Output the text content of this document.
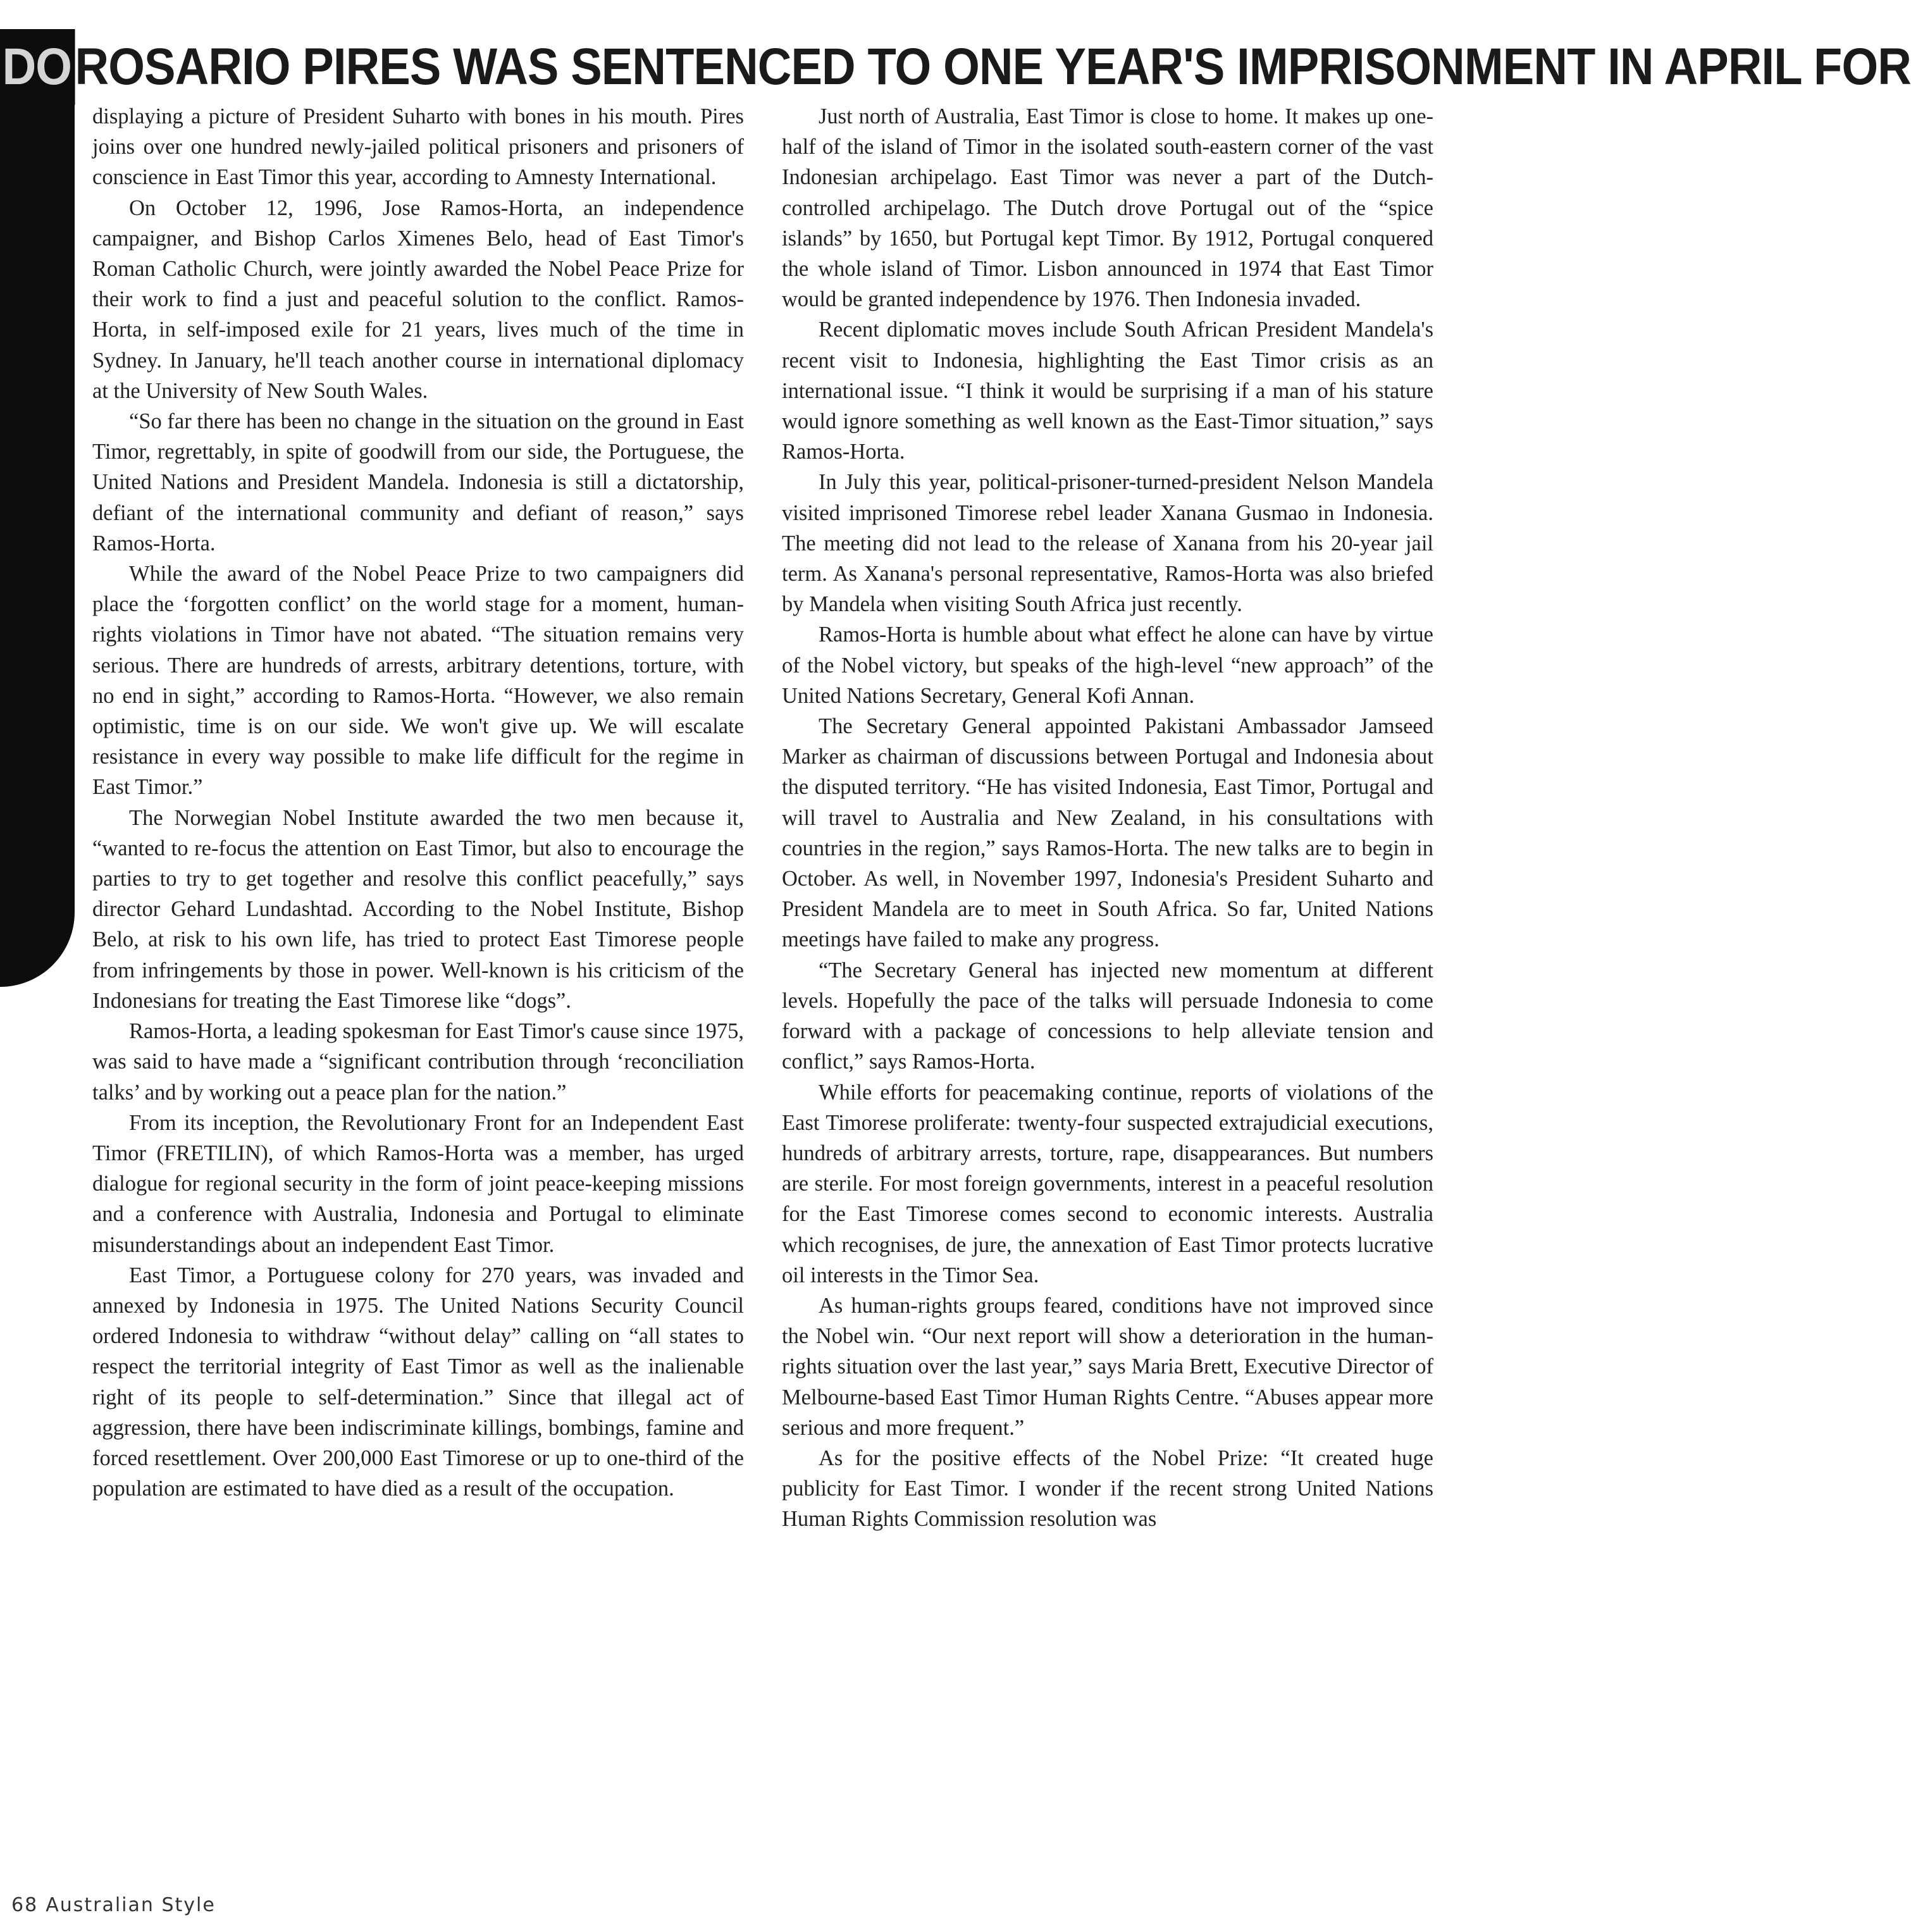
DOROSARIO PIRES WAS SENTENCED TO ONE YEAR'S IMPRISONMENT IN APRIL FOR

displaying a picture of President Suharto with bones in his mouth. Pires joins over one hundred newly-jailed political prisoners and prisoners of conscience in East Timor this year, according to Amnesty International.

On October 12, 1996, Jose Ramos-Horta, an independence campaigner, and Bishop Carlos Ximenes Belo, head of East Timor's Roman Catholic Church, were jointly awarded the Nobel Peace Prize for their work to find a just and peaceful solution to the conflict. Ramos-Horta, in self-imposed exile for 21 years, lives much of the time in Sydney. In January, he'll teach another course in international diplomacy at the University of New South Wales.

“So far there has been no change in the situation on the ground in East Timor, regrettably, in spite of goodwill from our side, the Portuguese, the United Nations and President Mandela. Indonesia is still a dictatorship, defiant of the international community and defiant of reason,” says Ramos-Horta.

While the award of the Nobel Peace Prize to two campaigners did place the ‘forgotten conflict’ on the world stage for a moment, human-rights violations in Timor have not abated. “The situation remains very serious. There are hundreds of arrests, arbitrary detentions, torture, with no end in sight,” according to Ramos-Horta. “However, we also remain optimistic, time is on our side. We won't give up. We will escalate resistance in every way possible to make life difficult for the regime in East Timor.”

The Norwegian Nobel Institute awarded the two men because it, “wanted to re-focus the attention on East Timor, but also to encourage the parties to try to get together and resolve this conflict peacefully,” says director Gehard Lundashtad. According to the Nobel Institute, Bishop Belo, at risk to his own life, has tried to protect East Timorese people from infringements by those in power. Well-known is his criticism of the Indonesians for treating the East Timorese like “dogs”.

Ramos-Horta, a leading spokesman for East Timor's cause since 1975, was said to have made a “significant contribution through ‘reconciliation talks’ and by working out a peace plan for the nation.”

From its inception, the Revolutionary Front for an Independent East Timor (FRETILIN), of which Ramos-Horta was a member, has urged dialogue for regional security in the form of joint peace-keeping missions and a conference with Australia, Indonesia and Portugal to eliminate misunderstandings about an independent East Timor.

East Timor, a Portuguese colony for 270 years, was invaded and annexed by Indonesia in 1975. The United Nations Security Council ordered Indonesia to withdraw “without delay” calling on “all states to respect the territorial integrity of East Timor as well as the inalienable right of its people to self-determination.” Since that illegal act of aggression, there have been indiscriminate killings, bombings, famine and forced resettlement. Over 200,000 East Timorese or up to one-third of the population are estimated to have died as a result of the occupation.

Just north of Australia, East Timor is close to home. It makes up one-half of the island of Timor in the isolated south-eastern corner of the vast Indonesian archipelago. East Timor was never a part of the Dutch-controlled archipelago. The Dutch drove Portugal out of the “spice islands” by 1650, but Portugal kept Timor. By 1912, Portugal conquered the whole island of Timor. Lisbon announced in 1974 that East Timor would be granted independence by 1976. Then Indonesia invaded.

Recent diplomatic moves include South African President Mandela's recent visit to Indonesia, highlighting the East Timor crisis as an international issue. “I think it would be surprising if a man of his stature would ignore something as well known as the East-Timor situation,” says Ramos-Horta.

In July this year, political-prisoner-turned-president Nelson Mandela visited imprisoned Timorese rebel leader Xanana Gusmao in Indonesia. The meeting did not lead to the release of Xanana from his 20-year jail term. As Xanana's personal representative, Ramos-Horta was also briefed by Mandela when visiting South Africa just recently.

Ramos-Horta is humble about what effect he alone can have by virtue of the Nobel victory, but speaks of the high-level “new approach” of the United Nations Secretary, General Kofi Annan.

The Secretary General appointed Pakistani Ambassador Jamseed Marker as chairman of discussions between Portugal and Indonesia about the disputed territory. “He has visited Indonesia, East Timor, Portugal and will travel to Australia and New Zealand, in his consultations with countries in the region,” says Ramos-Horta. The new talks are to begin in October. As well, in November 1997, Indonesia's President Suharto and President Mandela are to meet in South Africa. So far, United Nations meetings have failed to make any progress.

“The Secretary General has injected new momentum at different levels. Hopefully the pace of the talks will persuade Indonesia to come forward with a package of concessions to help alleviate tension and conflict,” says Ramos-Horta.

While efforts for peacemaking continue, reports of violations of the East Timorese proliferate: twenty-four suspected extrajudicial executions, hundreds of arbitrary arrests, torture, rape, disappearances. But numbers are sterile. For most foreign governments, interest in a peaceful resolution for the East Timorese comes second to economic interests. Australia which recognises, de jure, the annexation of East Timor protects lucrative oil interests in the Timor Sea.

As human-rights groups feared, conditions have not improved since the Nobel win. “Our next report will show a deterioration in the human-rights situation over the last year,” says Maria Brett, Executive Director of Melbourne-based East Timor Human Rights Centre. “Abuses appear more serious and more frequent.”

As for the positive effects of the Nobel Prize: “It created huge publicity for East Timor. I wonder if the recent strong United Nations Human Rights Commission resolution was

68 Australian Style
